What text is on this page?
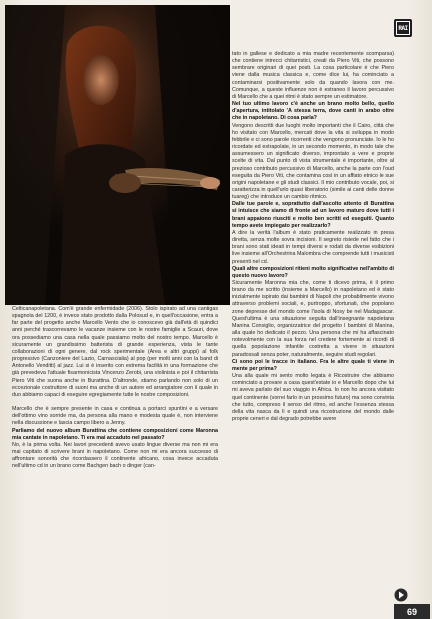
RAI

Celticanapoletana. Com'è grande enfermidade (2006). Stolo ispirato ad una cantigas spagnola del 1200, è invece stato prodotto dalla Polosud e, in quell'occasione, entra a far parte del progetto anche Marcello Vento che io conoscevo già dall'età di quindici anni perché trascorrevamo le vacanze insieme con le nostre famiglie a Scauri, dove ora possediamo una casa nella quale passiamo molto del nostro tempo. Marcello è sicuramente un grandissimo batterista di grande esperienza, vista le tante collaborazioni di ogni genere, dal rock sperimentale (Area e altri gruppi) al folk progressivo (Canzoniere del Lazio, Carnascialia) al pop (per molti anni con la band di Antonello Venditti) al jazz. Lui si è inserito con estrema facilità in una formazione che già prevedeva l'attuale fisarmonicista Vincenzo Zerobi, una violinista e poi il chitarrista Piero Viti che suona anche in Burattina. D'altronde, stiamo parlando non solo di un eccezionale costruttore di suoni ma anche di un autore ed arrangiatore con il quale in duo abbiamo capaci di eseguire egregiamente tutte le nostre composizioni.

Marcello che è sempre presente in casa e continua a portarci spuntini e a versare dell'ottimo vino sorride ma, da persona alla mano e modesta quale è, non interviene nella discussione e lascia campo libero a Jenny.

Parliamo del nuovo album Burattina che contiene composizioni come Maronna mia cantate in napoletano. Ti era mai accaduto nel passato?

No, è la prima volta. Nei lavori precedenti avevo usato lingue diverse ma non mi era mai capitato di scrivere brani in napoletano. Come non mi era ancora successo di affrontare sonorità che ricordassero il continente africano, cosa invece accaduta nell'ultimo cd in un brano come Bachgen bach o dinger (can-

tato in gallese e dedicato a mia madre recentemente scomparsa) che contiene intrecci chitarristici, creati da Piero Viti, che possono sembrare originari di quei posti. La cosa particolare è che Piero viene dalla musica classica e, come dice lui, ha cominciato a contaminarsi positivamente solo da quando lavora con me. Comunque, a queste influenze non è estraneo il lavoro percussivo di Marcello che a quei ritmi è stato sempre un estimatore.

Nel tuo ultimo lavoro c'è anche un brano molto bello, quello d'apertura, intitolato 'A stessa terra, dove canti in arabo oltre che in napoletano. Di cosa parla?

Vengono descritti due luoghi molto importanti che il Cairo, città che ho visitato con Marcello, mercati dove la vita si sviluppa in modo febbrile e ci sono parole ricorrenti che vengono pronunciate. Io le ho ricordate ed estrapolate, in un secondo momento, in modo tale che assumessero un significato diverso, improntato a vere e proprie scelte di vita. Dal punto di vista strumentale è importante, oltre al prezioso contributo percussivo di Marcello, anche la parte con l'oud eseguita da Piero Viti, che contamina così in un affiato etnico le sue origini napoletane e gli studi classici. Il mio contributo vocale, poi, si caratterizza in quell'urlo quasi liberatorio (simile ai canti delle donne tuareg) che introduce un cambio ritmico.

Dalle tue parole e, soprattutto dall'ascolto attento di Burattina si intuisce che siamo di fronte ad un lavoro maturo dove tutti i brani appaiono riusciti e molto ben scritti ed eseguiti. Quanto tempo avete impiegato per realizzarlo?

A dire la verità l'album è stato praticamente realizzato in presa diretta, senza molte sovra incisioni. Il segreto risiede nel fatto che i brani sono stati ideati in tempi diversi e rodati da diverse esibizioni live insieme all'Orchestrina Malombra che comprende tutti i musicisti presenti nel cd.

Quali altre composizioni ritieni molto significative nell'ambito di questo nuovo lavoro?

Sicuramente Maronna mia che, come ti dicevo prima, è il primo brano da me scritto (insieme a Marcello) in napoletano ed è stato inizialmente ispirato dai bambini di Napoli che probabilmente vivono attraverso problemi sociali, e, purtroppo, sfortunati, che popolano zone depresse del mondo come l'isola di Nosy be nel Madagascar. Quest'ultima è una situazione seguita dall'insegnante napoletana Manina Consiglio, organizzatrice del progetto I bambini di Manina, alla quale ho dedicato il pezzo. Una persona che mi ha affascinato notevolmente con la sua forza nel credere fortemente ai ricordi di quella popolazione infantile costretta a vivere in situazioni paradossali senza poter, naturalmente, seguire studi regolari.

Ci sono poi le tracce in italiano. Fra le altre quale ti viene in mente per prima?

Una alla quale mi sento molto legata è Ricostruire che abbiamo cominciato a provare a casa quest'estate io e Marcello dopo che lui mi aveva parlato del suo viaggio in Africa. Io non ho ancora visitato quel continente (vorrei farlo in un prossimo futuro) ma sono convinta che tutto, compreso il senso del ritmo, ed anche l'essenza stessa della vita nasca da lì e quindi una ricostruzione del mondo dalle proprie ceneri e dal degrado potrebbe avere

69
